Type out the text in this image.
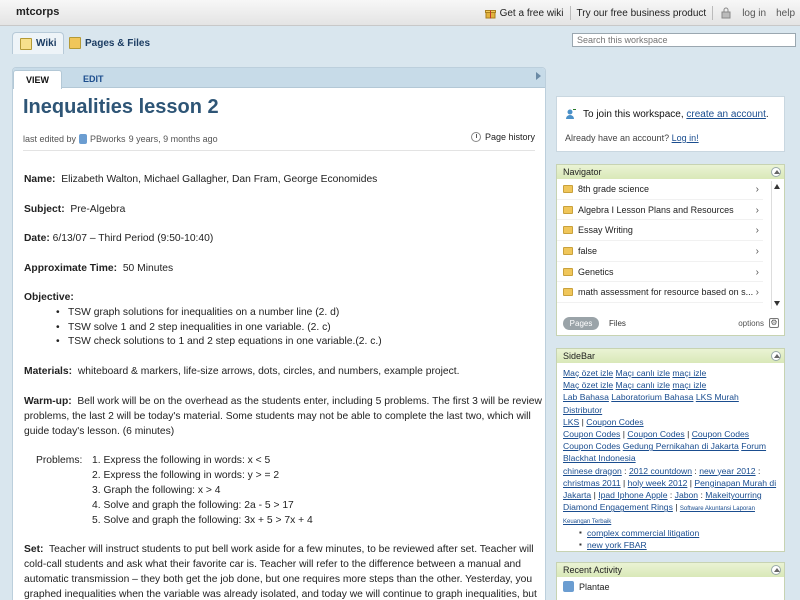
mtcorps	Get a free wiki Try our free business product	log in	help
Wiki	Pages & Files
Search this workspace
VIEW	EDIT
Inequalities lesson 2
last edited by PBworks 9 years, 9 months ago	Page history
Name: Elizabeth Walton, Michael Gallagher, Dan Fram, George Economides
Subject: Pre-Algebra
Date: 6/13/07 – Third Period (9:50-10:40)
Approximate Time: 50 Minutes
Objective:
• TSW graph solutions for inequalities on a number line (2. d)
• TSW solve 1 and 2 step inequalities in one variable. (2. c)
• TSW check solutions to 1 and 2 step equations in one variable.(2. c.)
Materials: whiteboard & markers, life-size arrows, dots, circles, and numbers, example project.
Warm-up: Bell work will be on the overhead as the students enter, including 5 problems. The first 3 will be review problems, the last 2 will be today's material. Some students may not be able to complete the last two, which will guide today's lesson. (6 minutes)
Problems: 1. Express the following in words: x < 5
2. Express the following in words: y > = 2
3. Graph the following: x > 4
4. Solve and graph the following: 2a - 5 > 17
5. Solve and graph the following: 3x + 5 > 7x + 4
Set: Teacher will instruct students to put bell work aside for a few minutes, to be reviewed after set. Teacher will cold-call students and ask what their favorite car is. Teacher will refer to the difference between a manual and automatic transmission – they both get the job done, but one requires more steps than the other. Yesterday, you graphed inequalities when the variable was already isolated, and today we will continue to graph inequalities, but
To join this workspace, create an account.
Already have an account? Log in!
Navigator
8th grade science	›
Algebra I Lesson Plans and Resources ›
Essay Writing	›
false	›
Genetics	›
math assessment for resource based on s... ›
Pages	Files	options ⚙
SideBar
Maç özet izle Maçı canlı izle maçı izle
Maç özet izle Maçı canlı izle maçı izle
Lab Bahasa Laboratorium Bahasa LKS Murah Distributor
LKS | Coupon Codes
Coupon Codes | Coupon Codes | Coupon Codes
Coupon Codes Gedung Pernikahan di Jakarta Forum
Blackhat Indonesia
chinese dragon : 2012 countdown : new year 2012 :
christmas 2011 | holy week 2012 | Penginapan Murah di
Jakarta | Ipad Iphone Apple : Jabon : Makeityourring
Diamond Engagement Rings | Software Akuntansi Laporan
Keuangan Terbaik
▪ complex commercial litigation
▪ new york FBAR
Recent Activity
Plantae
